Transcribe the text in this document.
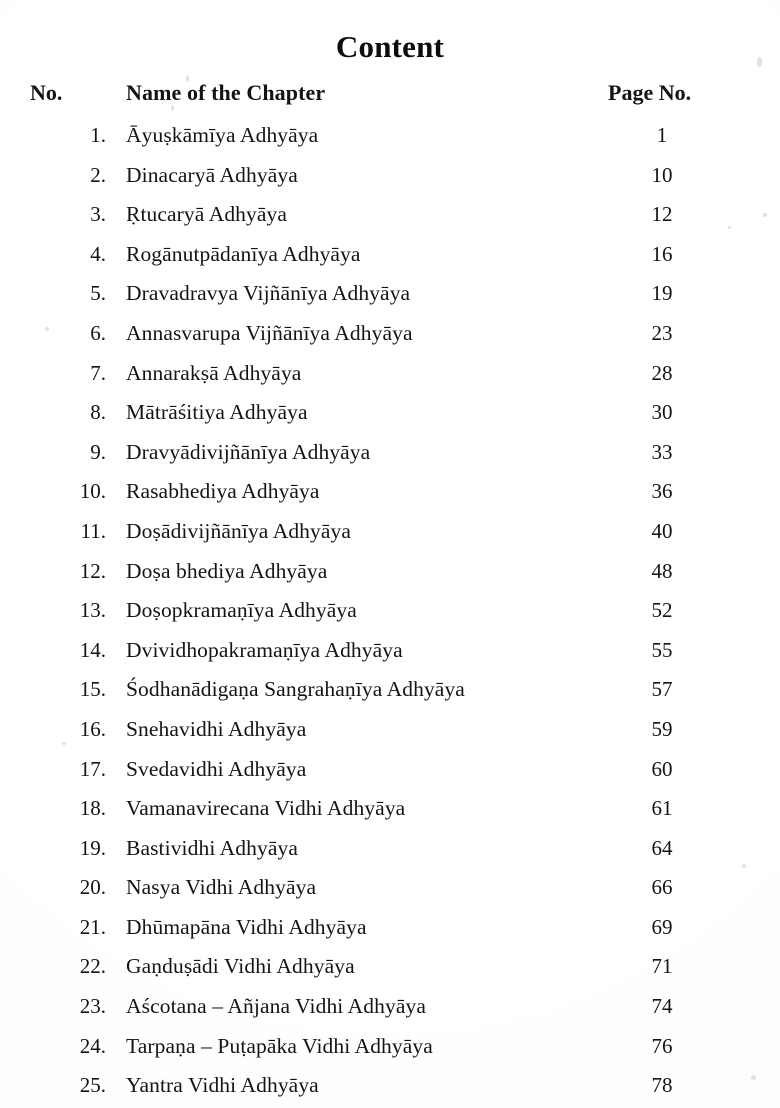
Content
No.	Name of the Chapter	Page No.
1. Āyuṣkāmīya Adhyāya	1
2. Dinacaryā Adhyāya	10
3. Ṛtucaryā Adhyāya	12
4. Rogānutpādanīya Adhyāya	16
5. Dravadravya Vijñānīya Adhyāya	19
6. Annasvarupa Vijñānīya Adhyāya	23
7. Annarakṣā Adhyāya	28
8. Mātrāśitiya Adhyāya	30
9. Dravyādivijñānīya Adhyāya	33
10. Rasabhediya Adhyāya	36
11. Doṣādivijñānīya Adhyāya	40
12. Doṣa bhediya Adhyāya	48
13. Doṣopkramaṇīya Adhyāya	52
14. Dvividhopakramaṇīya Adhyāya	55
15. Śodhanādigaṇa Sangrahaṇīya Adhyāya	57
16. Snehavidhi Adhyāya	59
17. Svedavidhi Adhyāya	60
18. Vamanavirecana Vidhi Adhyāya	61
19. Bastividhi Adhyāya	64
20. Nasya Vidhi Adhyāya	66
21. Dhūmapāna Vidhi Adhyāya	69
22. Gaṇduṣādi Vidhi Adhyāya	71
23. Aścotana – Añjana Vidhi Adhyāya	74
24. Tarpaṇa – Puṭapāka Vidhi Adhyāya	76
25. Yantra Vidhi Adhyāya	78
